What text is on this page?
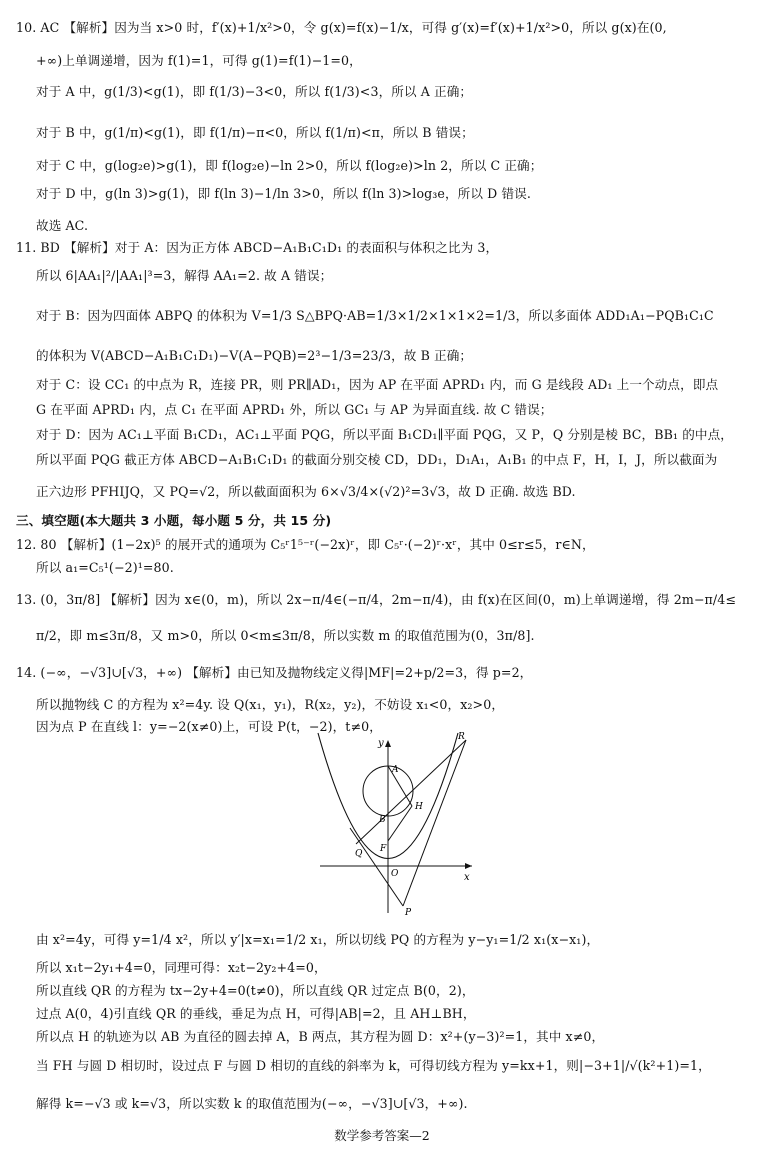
10. AC 【解析】因为当 x>0 时，f′(x)+1/x²>0，令 g(x)=f(x)−1/x，可得 g′(x)=f′(x)+1/x²>0，所以 g(x)在(0,
+∞)上单调递增，因为 f(1)=1，可得 g(1)=f(1)−1=0，
对于 A 中，g(1/3)<g(1)，即 f(1/3)−3<0，所以 f(1/3)<3，所以 A 正确；
对于 B 中，g(1/π)<g(1)，即 f(1/π)−π<0，所以 f(1/π)<π，所以 B 错误；
对于 C 中，g(log₂e)>g(1)，即 f(log₂e)−ln 2>0，所以 f(log₂e)>ln 2，所以 C 正确；
对于 D 中，g(ln 3)>g(1)，即 f(ln 3)−1/ln 3>0，所以 f(ln 3)>log₃e，所以 D 错误.
故选 AC.
11. BD 【解析】对于 A：因为正方体 ABCD−A₁B₁C₁D₁ 的表面积与体积之比为 3，
所以 6|AA₁|²/|AA₁|³=3，解得 AA₁=2. 故 A 错误；
对于 B：因为四面体 ABPQ 的体积为 V=1/3 S△BPQ·AB=1/3×1/2×1×1×2=1/3，所以多面体 ADD₁A₁−PQB₁C₁C
的体积为 V(ABCD−A₁B₁C₁D₁)−V(A−PQB)=2³−1/3=23/3，故 B 正确；
对于 C：设 CC₁ 的中点为 R，连接 PR，则 PR∥AD₁，因为 AP 在平面 APRD₁ 内，而 G 是线段 AD₁ 上一个动点，即点
G 在平面 APRD₁ 内，点 C₁ 在平面 APRD₁ 外，所以 GC₁ 与 AP 为异面直线. 故 C 错误；
对于 D：因为 AC₁⊥平面 B₁CD₁，AC₁⊥平面 PQG，所以平面 B₁CD₁∥平面 PQG，又 P，Q 分别是棱 BC，BB₁ 的中点，
所以平面 PQG 截正方体 ABCD−A₁B₁C₁D₁ 的截面分别交棱 CD，DD₁，D₁A₁，A₁B₁ 的中点 F，H，I，J，所以截面为
正六边形 PFHIJQ，又 PQ=√2，所以截面面积为 6×√3/4×(√2)²=3√3，故 D 正确. 故选 BD.
三、填空题(本大题共 3 小题，每小题 5 分，共 15 分)
12. 80 【解析】(1−2x)⁵ 的展开式的通项为 C₅ʳ1⁵⁻ʳ(−2x)ʳ，即 C₅ʳ·(−2)ʳ·xʳ，其中 0≤r≤5，r∈N，
所以 a₁=C₅¹(−2)¹=80.
13. (0，3π/8] 【解析】因为 x∈(0，m)，所以 2x−π/4∈(−π/4，2m−π/4)，由 f(x)在区间(0，m)上单调递增，得 2m−π/4≤
π/2，即 m≤3π/8，又 m>0，所以 0<m≤3π/8，所以实数 m 的取值范围为(0，3π/8].
14. (−∞，−√3]∪[√3，+∞) 【解析】由已知及抛物线定义得|MF|=2+p/2=3，得 p=2，
所以抛物线 C 的方程为 x²=4y. 设 Q(x₁，y₁)，R(x₂，y₂)，不妨设 x₁<0，x₂>0，
因为点 P 在直线 l：y=−2(x≠0)上，可设 P(t，−2)，t≠0，
由 x²=4y，可得 y=1/4 x²，所以 y′|x=x₁=1/2 x₁，所以切线 PQ 的方程为 y−y₁=1/2 x₁(x−x₁)，
所以 x₁t−2y₁+4=0，同理可得：x₂t−2y₂+4=0，
所以直线 QR 的方程为 tx−2y+4=0(t≠0)，所以直线 QR 过定点 B(0，2)，
过点 A(0，4)引直线 QR 的垂线，垂足为点 H，可得|AB|=2，且 AH⊥BH，
所以点 H 的轨迹为以 AB 为直径的圆去掉 A，B 两点，其方程为圆 D：x²+(y−3)²=1，其中 x≠0，
当 FH 与圆 D 相切时，设过点 F 与圆 D 相切的直线的斜率为 k，可得切线方程为 y=kx+1，则|−3+1|/√(k²+1)=1，
解得 k=−√3 或 k=√3，所以实数 k 的取值范围为(−∞，−√3]∪[√3，+∞).
y
x
A
R
H
B
F
Q
O
P
数学参考答案—2
